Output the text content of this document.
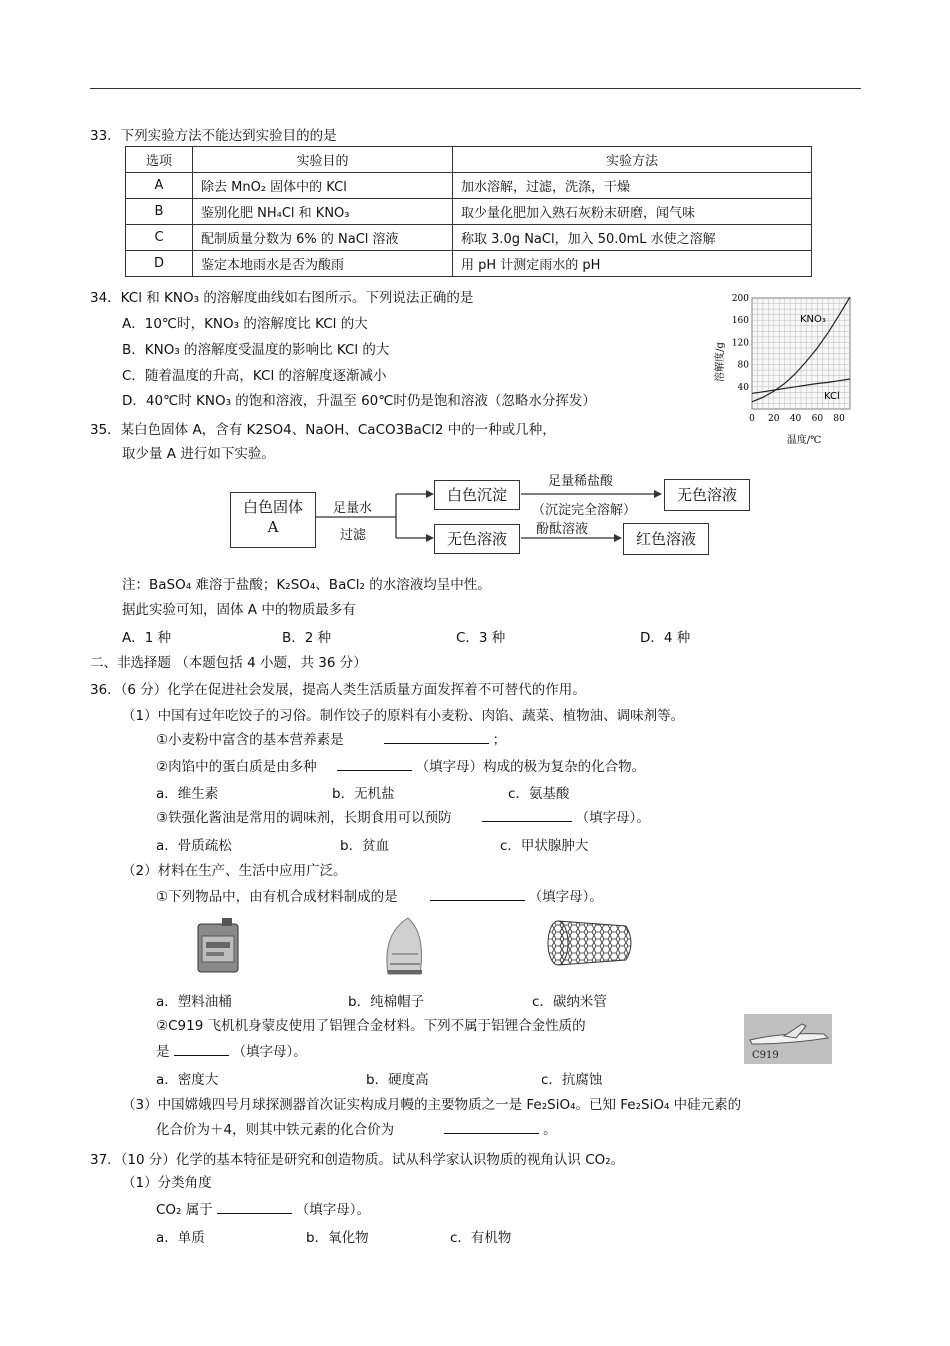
33．下列实验方法不能达到实验目的的是
选项	实验目的	实验方法
A	除去 MnO₂ 固体中的 KCl	加水溶解，过滤，洗涤，干燥
B	鉴别化肥 NH₄Cl 和 KNO₃	取少量化肥加入熟石灰粉末研磨，闻气味
C	配制质量分数为 6% 的 NaCl 溶液	称取 3.0g NaCl，加入 50.0mL 水使之溶解
D	鉴定本地雨水是否为酸雨	用 pH 计测定雨水的 pH
34．KCl 和 KNO₃ 的溶解度曲线如右图所示。下列说法正确的是
A．10℃时，KNO₃ 的溶解度比 KCl 的大
B．KNO₃ 的溶解度受温度的影响比 KCl 的大
C．随着温度的升高，KCl 的溶解度逐渐减小
D．40℃时 KNO₃ 的饱和溶液，升温至 60℃时仍是饱和溶液（忽略水分挥发）
40
80
120
160
200
0 20 40 60 80
溶解度/g
温度/℃
KNO₃
KCl
35．某白色固体 A，含有 K2SO4、NaOH、CaCO3BaCl2 中的一种或几种，
取少量 A 进行如下实验。
白色固体
A
足量水
过滤
白色沉淀
无色溶液
足量稀盐酸
（沉淀完全溶解）
酚酞溶液
无色溶液
红色溶液
注：BaSO₄ 难溶于盐酸；K₂SO₄、BaCl₂ 的水溶液均呈中性。
据此实验可知，固体 A 中的物质最多有
A．1 种	B．2 种	C．3 种	D．4 种
二、非选择题 （本题包括 4 小题，共 36 分）
36．（6 分）化学在促进社会发展，提高人类生活质量方面发挥着不可替代的作用。
（1）中国有过年吃饺子的习俗。制作饺子的原料有小麦粉、肉馅、蔬菜、植物油、调味剂等。
①小麦粉中富含的基本营养素是	；
②肉馅中的蛋白质是由多种	（填字母）构成的极为复杂的化合物。
a．维生素	b．无机盐	c．氨基酸
③铁强化酱油是常用的调味剂，长期食用可以预防	（填字母）。
a．骨质疏松	b．贫血	c．甲状腺肿大
（2）材料在生产、生活中应用广泛。
①下列物品中，由有机合成材料制成的是	（填字母）。
a．塑料油桶	b．纯棉帽子	c．碳纳米管
②C919 飞机机身蒙皮使用了铝锂合金材料。下列不属于铝锂合金性质的
是	（填字母）。	C919
a．密度大	b．硬度高	c．抗腐蚀
（3）中国嫦娥四号月球探测器首次证实构成月幔的主要物质之一是 Fe₂SiO₄。已知 Fe₂SiO₄ 中硅元素的
化合价为＋4，则其中铁元素的化合价为	。
37．（10 分）化学的基本特征是研究和创造物质。试从科学家认识物质的视角认识 CO₂。
（1）分类角度
CO₂ 属于	（填字母）。
a．单质	b．氧化物	c．有机物
